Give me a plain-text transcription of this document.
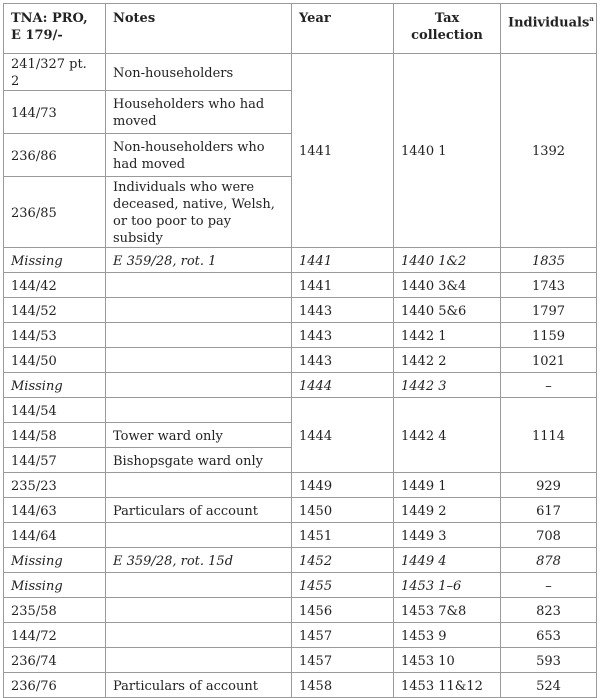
TNA: PRO, E 179/-	Notes	Year	Tax collection	Individuals$^a$
241/327 pt. 2	Non-householders	1441	1440 1	1392
144/73	Householders who had moved			
236/86	Non-householders who had moved			
236/85	Individuals who were deceased, native, Welsh, or too poor to pay subsidy			
Missing	E 359/28, rot. 1	1441	1440 1&2	1835
144/42		1441	1440 3&4	1743
144/52		1443	1440 5&6	1797
144/53		1443	1442 1	1159
144/50		1443	1442 2	1021
Missing		1444	1442 3	–
144/54		1444	1442 4	1114
144/58	Tower ward only			
144/57	Bishopsgate ward only			
235/23		1449	1449 1	929
144/63	Particulars of account	1450	1449 2	617
144/64		1451	1449 3	708
Missing	E 359/28, rot. 15d	1452	1449 4	878
Missing		1455	1453 1–6	–
235/58		1456	1453 7&8	823
144/72		1457	1453 9	653
236/74		1457	1453 10	593
236/76	Particulars of account	1458	1453 11&12	524
